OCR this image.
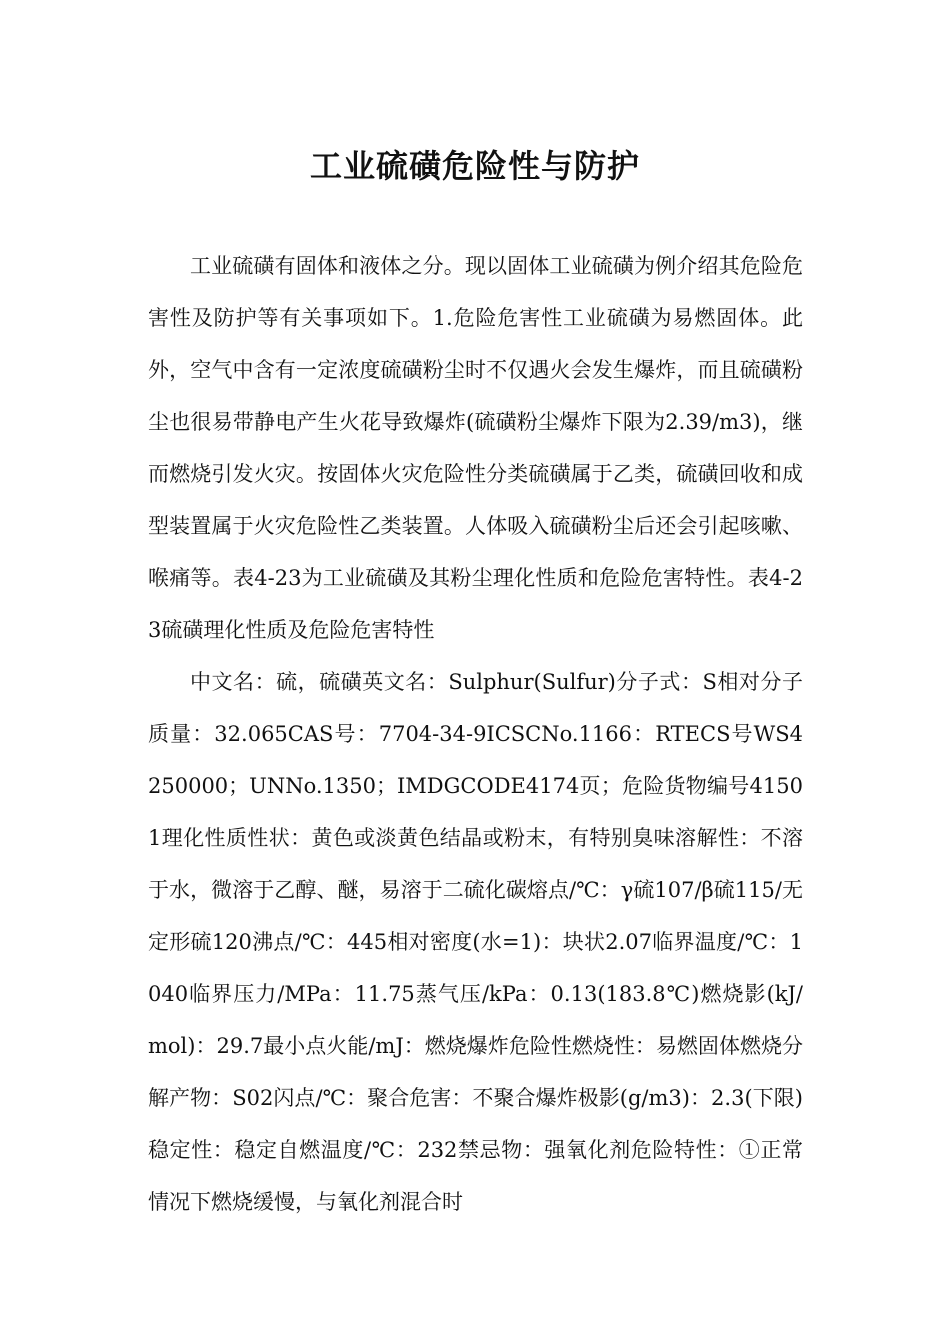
工业硫磺危险性与防护

工业硫磺有固体和液体之分。现以固体工业硫磺为例介绍其危险危害性及防护等有关事项如下。1.危险危害性工业硫磺为易燃固体。此外，空气中含有一定浓度硫磺粉尘时不仅遇火会发生爆炸，而且硫磺粉尘也很易带静电产生火花导致爆炸(硫磺粉尘爆炸下限为2.39/m3)，继而燃烧引发火灾。按固体火灾危险性分类硫磺属于乙类，硫磺回收和成型装置属于火灾危险性乙类装置。人体吸入硫磺粉尘后还会引起咳嗽、喉痛等。表4-23为工业硫磺及其粉尘理化性质和危险危害特性。表4-23硫磺理化性质及危险危害特性

中文名：硫，硫磺英文名：Sulphur(Sulfur)分子式：S相对分子质量：32.065CAS号：7704-34-9ICSCNo.1166：RTECS号WS4250000；UNNo.1350；IMDGCODE4174页；危险货物编号41501理化性质性状：黄色或淡黄色结晶或粉末，有特别臭味溶解性：不溶于水，微溶于乙醇、醚，易溶于二硫化碳熔点/℃：γ硫107/β硫115/无定形硫120沸点/℃：445相对密度(水=1)：块状2.07临界温度/℃：1040临界压力/MPa：11.75蒸气压/kPa：0.13(183.8℃)燃烧影(kJ/mol)：29.7最小点火能/mJ：燃烧爆炸危险性燃烧性：易燃固体燃烧分解产物：S02闪点/℃：聚合危害：不聚合爆炸极影(g/m3)：2.3(下限)稳定性：稳定自燃温度/℃：232禁忌物：强氧化剂危险特性：①正常情况下燃烧缓慢，与氧化剂混合时
